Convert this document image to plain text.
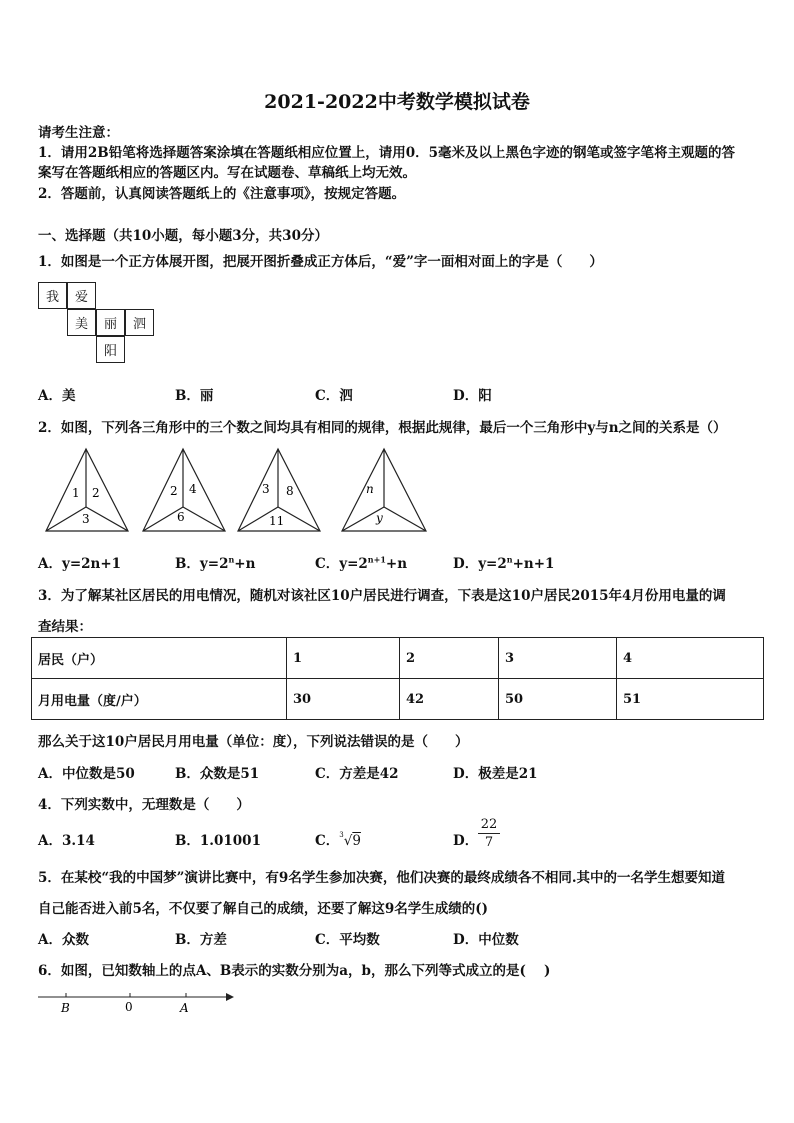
2021-2022中考数学模拟试卷
请考生注意：
1．请用2B铅笔将选择题答案涂填在答题纸相应位置上，请用0．5毫米及以上黑色字迹的钢笔或签字笔将主观题的答
案写在答题纸相应的答题区内。写在试题卷、草稿纸上均无效。
2．答题前，认真阅读答题纸上的《注意事项》，按规定答题。
一、选择题（共10小题，每小题3分，共30分）
1．如图是一个正方体展开图，把展开图折叠成正方体后，“爱”字一面相对面上的字是（　　）
我	爱
美	丽	泗
阳
A．美	B．丽	C．泗	D．阳
2．如图，下列各三角形中的三个数之间均具有相同的规律，根据此规律，最后一个三角形中y与n之间的关系是（）
1 2
3
2 4
6
3 8
11
n
y
A．y=2n+1	B．$y=2^n+n$	C．$y=2^{n+1}+n$	D．$y=2^n+n+1$
3．为了解某社区居民的用电情况，随机对该社区10户居民进行调查，下表是这10户居民2015年4月份用电量的调
查结果：
居民（户）	1	2	3	4
月用电量（度/户）	30	42	50	51
那么关于这10户居民月用电量（单位：度），下列说法错误的是（　　）
A．中位数是50	B．众数是51	C．方差是42	D．极差是21
4．下列实数中，无理数是（　　）
A．3.14	B．1.01001	C．$^3$√9	D． $\frac{22}{7}$
5．在某校“我的中国梦”演讲比赛中，有9名学生参加决赛，他们决赛的最终成绩各不相同.其中的一名学生想要知道
自己能否进入前5名，不仅要了解自己的成绩，还要了解这9名学生成绩的()
A．众数	B．方差	C．平均数	D．中位数
6．如图，已知数轴上的点A、B表示的实数分别为a，b，那么下列等式成立的是(　 )
B	0	A
